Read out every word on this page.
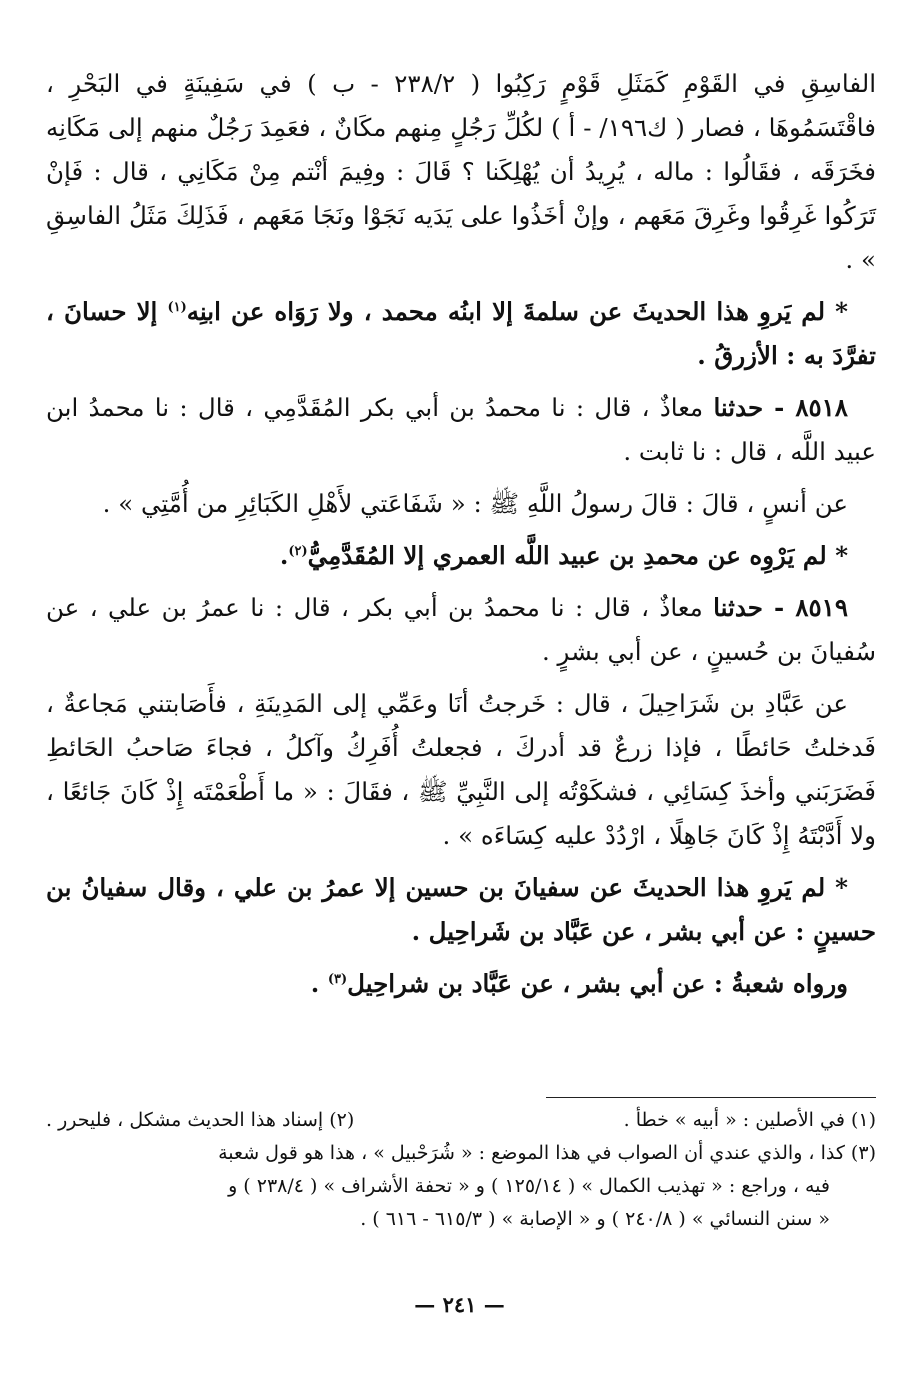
الفاسِقِ في القَوْمِ كَمَثَلِ قَوْمٍ رَكِبُوا ( ٢٣٨/٢ - ب ) في سَفِينَةٍ في البَحْرِ ، فاقْتَسَمُوهَا ، فصار ( ك١٩٦/ - أ ) لكُلِّ رَجُلٍ مِنهم مكَانٌ ، فعَمِدَ رَجُلٌ منهم إلى مَكَانِه فخَرَقَه ، فقَالُوا : ماله ، يُرِيدُ أن يُهْلِكَنا ؟ قَالَ : وفِيمَ أنْتم مِنْ مَكَانِي ، قال : فَإنْ تَرَكُوا غَرِقُوا وغَرِقَ مَعَهم ، وإنْ أخَذُوا على يَدَيه نَجَوْا ونَجَا مَعَهم ، فَذَلِكَ مَثَلُ الفاسِقِ » .

* لم يَروِ هذا الحديثَ عن سلمةَ إلا ابنُه محمد ، ولا رَوَاه عن ابنِه$^{(١)}$ إلا حسانَ ، تفرَّدَ به : الأزرقُ .

٨٥١٨ - حدثنا معاذٌ ، قال : نا محمدُ بن أبي بكر المُقَدَّمِي ، قال : نا محمدُ ابن عبيد اللَّه ، قال : نا ثابت .

عن أنسٍ ، قالَ : قالَ رسولُ اللَّهِ ﷺ : « شَفَاعَتي لأَهْلِ الكَبَائِرِ من أُمَّتِي » .

* لم يَرْوِه عن محمدِ بن عبيد اللَّه العمري إلا المُقَدَّمِيُّ$^{(٢)}$.

٨٥١٩ - حدثنا معاذٌ ، قال : نا محمدُ بن أبي بكر ، قال : نا عمرُ بن علي ، عن سُفيانَ بن حُسينٍ ، عن أبي بشرٍ .

عن عَبَّادِ بن شَرَاحِيلَ ، قال : خَرجتُ أنَا وعَمِّي إلى المَدِينَةِ ، فأَصَابتني مَجاعةٌ ، فَدخلتُ حَائطًا ، فإذا زرعٌ قد أدركَ ، فجعلتُ أُفَرِكُ وآكلُ ، فجاءَ صَاحبُ الحَائطِ فَضَرَبَني وأخذَ كِسَائِي ، فشكَوْتُه إلى النَّبِيِّ ﷺ ، فقَالَ : « ما أَطْعَمْتَه إِذْ كَانَ جَائعًا ، ولا أَدَّبْتَهُ إِذْ كَانَ جَاهِلًا ، ارْدُدْ عليه كِسَاءَه » .

* لم يَروِ هذا الحديثَ عن سفيانَ بن حسين إلا عمرُ بن علي ، وقال سفيانُ بن حسينٍ : عن أبي بشر ، عن عَبَّاد بن شَراحِيل .

ورواه شعبةُ : عن أبي بشر ، عن عَبَّاد بن شراحِيل$^{(٣)}$ .

(١) في الأصلين : « أبيه » خطأ .
(٢) إسناد هذا الحديث مشكل ، فليحرر .

(٣) كذا ، والذي عندي أن الصواب في هذا الموضع : « شُرَحْبيل » ، هذا هو قول شعبة

فيه ، وراجع : « تهذيب الكمال » ( ١٢٥/١٤ ) و « تحفة الأشراف » ( ٢٣٨/٤ ) و

« سنن النسائي » ( ٢٤٠/٨ ) و « الإصابة » ( ٦١٥/٣ - ٦١٦ ) .

— ٢٤١ —
